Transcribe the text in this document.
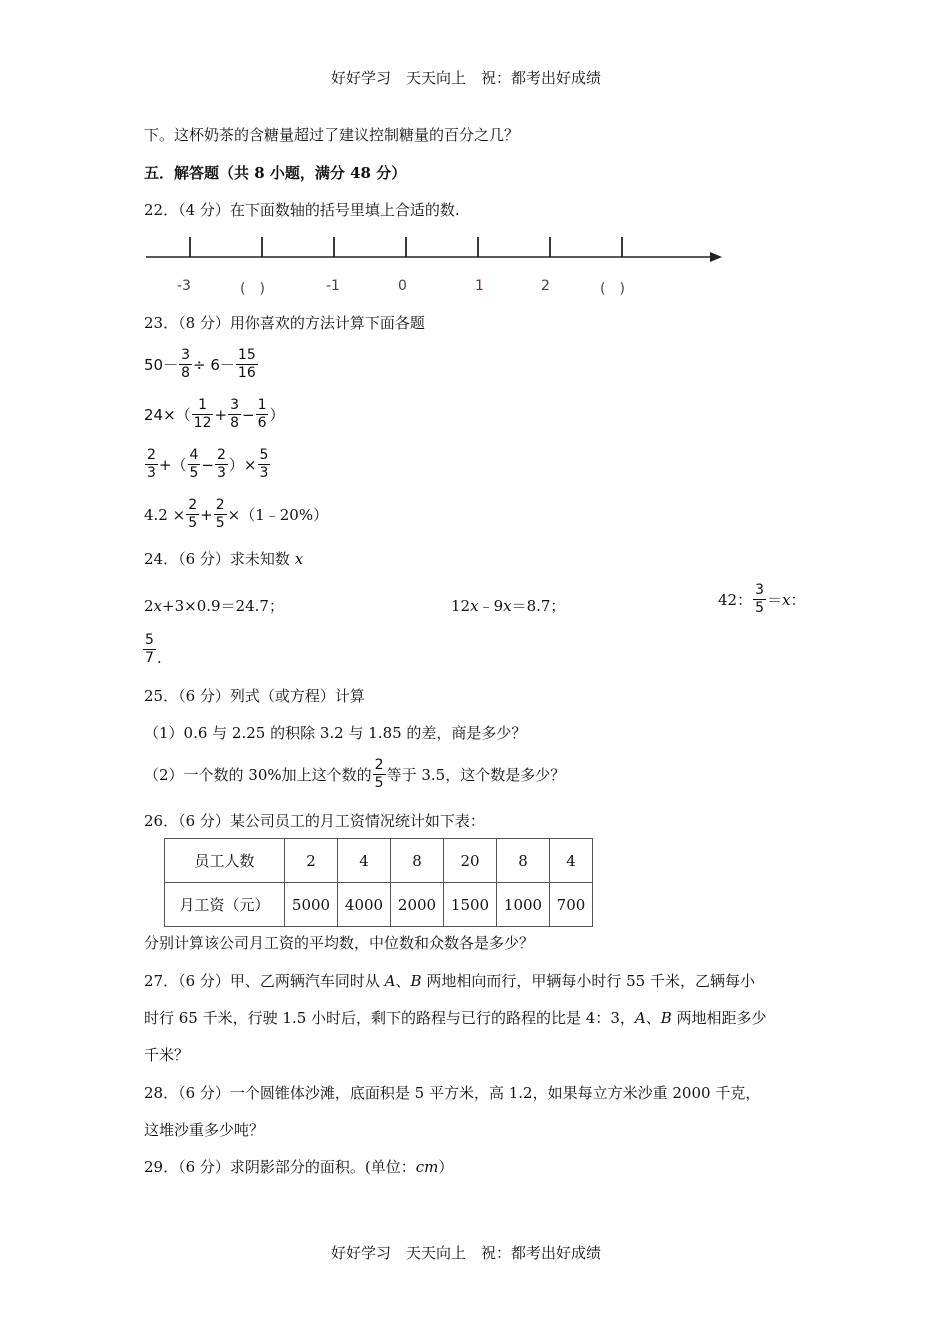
好好学习　天天向上　祝：都考出好成绩
下。这杯奶茶的含糖量超过了建议控制糖量的百分之几？
五．解答题（共 8 小题，满分 48 分）
22．（4 分）在下面数轴的括号里填上合适的数.
-3	(　)	-1	0	1	2	(　)
23．（8 分）用你喜欢的方法计算下面各题
$50- \frac{3}{8} \div 6- \frac{15}{16}$
$24\times( \frac{1}{12} + \frac{3}{8} - \frac{1}{6}$ ）
$\frac{2}{3}$ +（ $\frac{4}{5} - \frac{2}{3}$ ）× $\frac{5}{3}$
$4.2 \times \frac{2}{5} + \frac{2}{5}$ ×（1﹣20%）
24．（6 分）求未知数 x
2x+3×0.9＝24.7；	12x﹣9x＝8.7；	42： $\frac{3}{5} = x$ ：
$\frac{5}{7}$ .
25．（6 分）列式（或方程）计算
（1）0.6 与 2.25 的积除 3.2 与 1.85 的差，商是多少？
（2）一个数的 30%加上这个数的 $\frac{2}{5}$ 等于 3.5，这个数是多少？
26．（6 分）某公司员工的月工资情况统计如下表：
员工人数	2	4	8	20	8	4
月工资（元）	5000	4000	2000	1500	1000	700
分别计算该公司月工资的平均数，中位数和众数各是多少？
27．（6 分）甲、乙两辆汽车同时从 A、B 两地相向而行，甲辆每小时行 55 千米，乙辆每小
时行 65 千米，行驶 1.5 小时后，剩下的路程与已行的路程的比是 4：3，A、B 两地相距多少
千米？
28．（6 分）一个圆锥体沙滩，底面积是 5 平方米，高 1.2，如果每立方米沙重 2000 千克，
这堆沙重多少吨？
29．（6 分）求阴影部分的面积。(单位：cm）
好好学习　天天向上　祝：都考出好成绩
